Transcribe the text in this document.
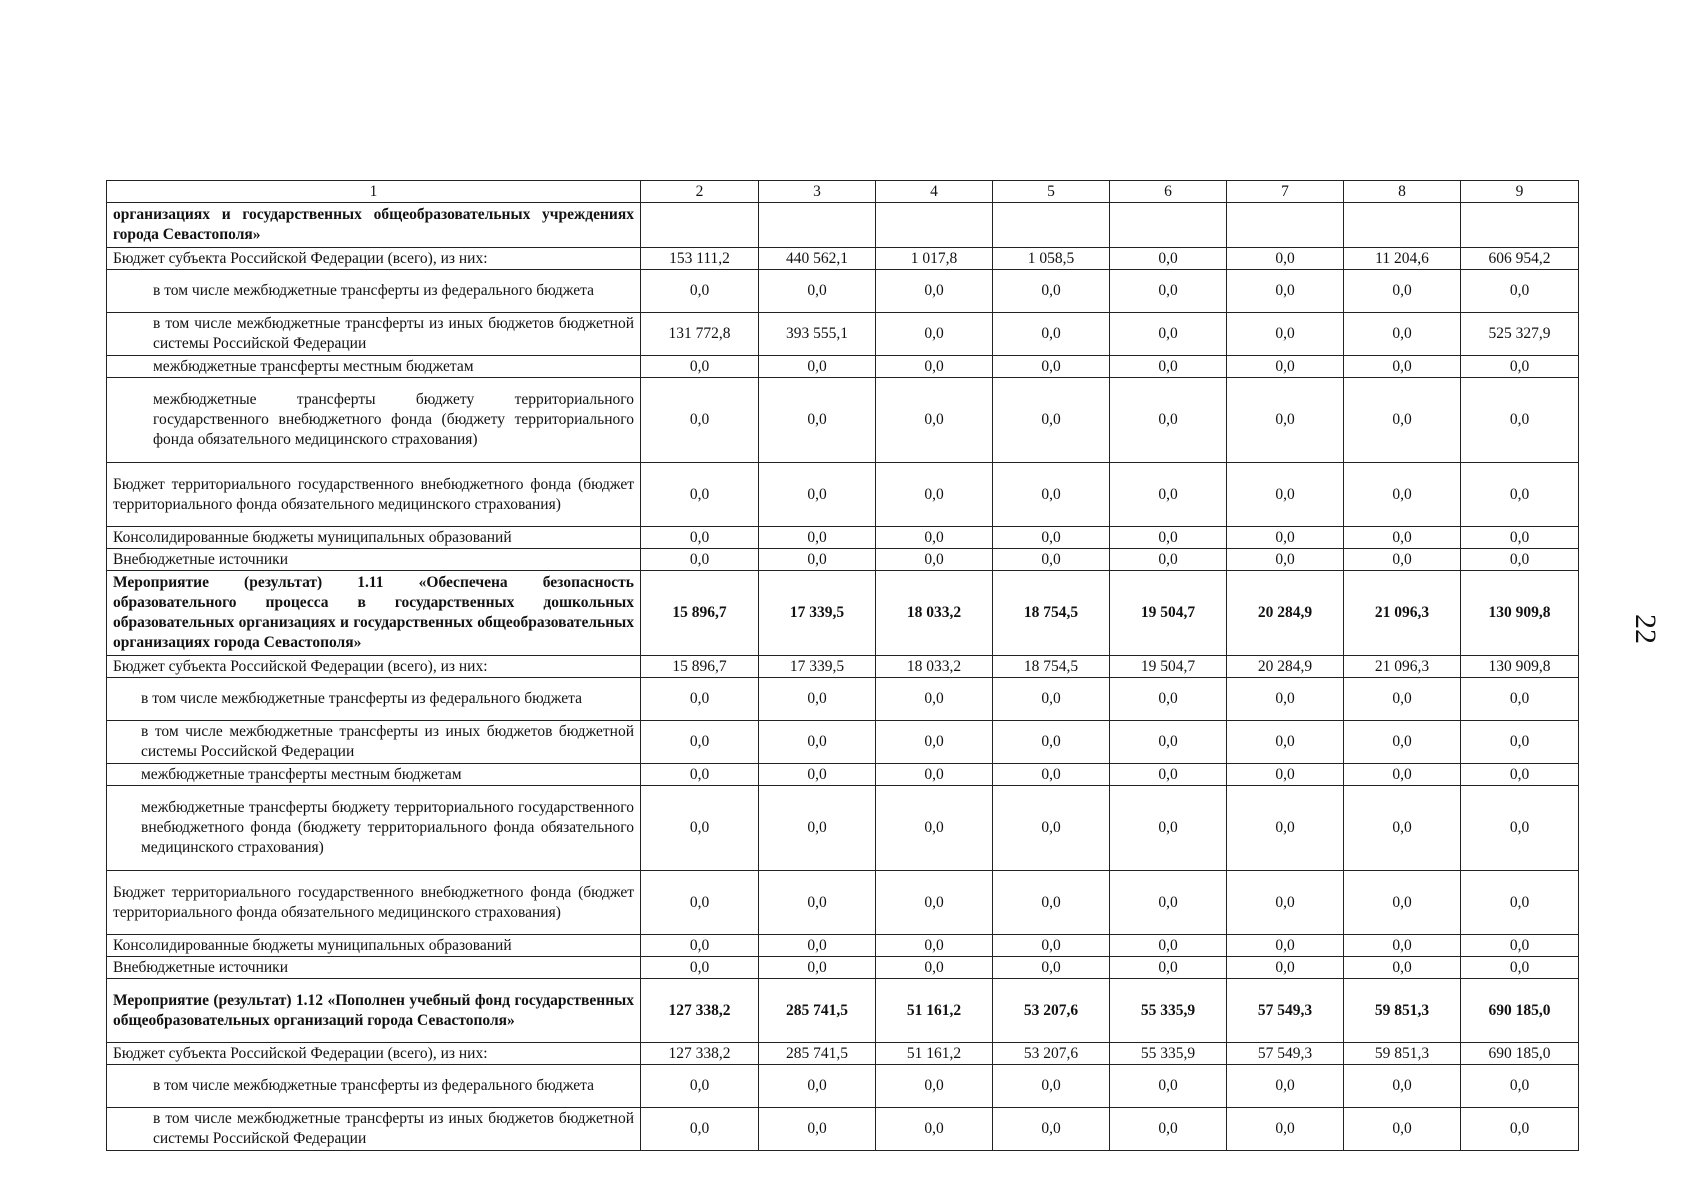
1	2	3	4	5	6	7	8	9
организациях и государственных общеобразовательных учреждениях города Севастополя»								
Бюджет субъекта Российской Федерации (всего), из них:	153 111,2	440 562,1	1 017,8	1 058,5	0,0	0,0	11 204,6	606 954,2
в том числе межбюджетные трансферты из федерального бюджета	0,0	0,0	0,0	0,0	0,0	0,0	0,0	0,0
в том числе межбюджетные трансферты из иных бюджетов бюджетной системы Российской Федерации	131 772,8	393 555,1	0,0	0,0	0,0	0,0	0,0	525 327,9
межбюджетные трансферты местным бюджетам	0,0	0,0	0,0	0,0	0,0	0,0	0,0	0,0
межбюджетные трансферты бюджету территориального государственного внебюджетного фонда (бюджету территориального фонда обязательного медицинского страхования)	0,0	0,0	0,0	0,0	0,0	0,0	0,0	0,0
Бюджет территориального государственного внебюджетного фонда (бюджет территориального фонда обязательного медицинского страхования)	0,0	0,0	0,0	0,0	0,0	0,0	0,0	0,0
Консолидированные бюджеты муниципальных образований	0,0	0,0	0,0	0,0	0,0	0,0	0,0	0,0
Внебюджетные источники	0,0	0,0	0,0	0,0	0,0	0,0	0,0	0,0
Мероприятие (результат) 1.11 «Обеспечена безопасность образовательного процесса в государственных дошкольных образовательных организациях и государственных общеобразовательных организациях города Севастополя»	15 896,7	17 339,5	18 033,2	18 754,5	19 504,7	20 284,9	21 096,3	130 909,8
Бюджет субъекта Российской Федерации (всего), из них:	15 896,7	17 339,5	18 033,2	18 754,5	19 504,7	20 284,9	21 096,3	130 909,8
в том числе межбюджетные трансферты из федерального бюджета	0,0	0,0	0,0	0,0	0,0	0,0	0,0	0,0
в том числе межбюджетные трансферты из иных бюджетов бюджетной системы Российской Федерации	0,0	0,0	0,0	0,0	0,0	0,0	0,0	0,0
межбюджетные трансферты местным бюджетам	0,0	0,0	0,0	0,0	0,0	0,0	0,0	0,0
межбюджетные трансферты бюджету территориального государственного внебюджетного фонда (бюджету территориального фонда обязательного медицинского страхования)	0,0	0,0	0,0	0,0	0,0	0,0	0,0	0,0
Бюджет территориального государственного внебюджетного фонда (бюджет территориального фонда обязательного медицинского страхования)	0,0	0,0	0,0	0,0	0,0	0,0	0,0	0,0
Консолидированные бюджеты муниципальных образований	0,0	0,0	0,0	0,0	0,0	0,0	0,0	0,0
Внебюджетные источники	0,0	0,0	0,0	0,0	0,0	0,0	0,0	0,0
Мероприятие (результат) 1.12 «Пополнен учебный фонд государственных общеобразовательных организаций города Севастополя»	127 338,2	285 741,5	51 161,2	53 207,6	55 335,9	57 549,3	59 851,3	690 185,0
Бюджет субъекта Российской Федерации (всего), из них:	127 338,2	285 741,5	51 161,2	53 207,6	55 335,9	57 549,3	59 851,3	690 185,0
в том числе межбюджетные трансферты из федерального бюджета	0,0	0,0	0,0	0,0	0,0	0,0	0,0	0,0
в том числе межбюджетные трансферты из иных бюджетов бюджетной системы Российской Федерации	0,0	0,0	0,0	0,0	0,0	0,0	0,0	0,0
22
